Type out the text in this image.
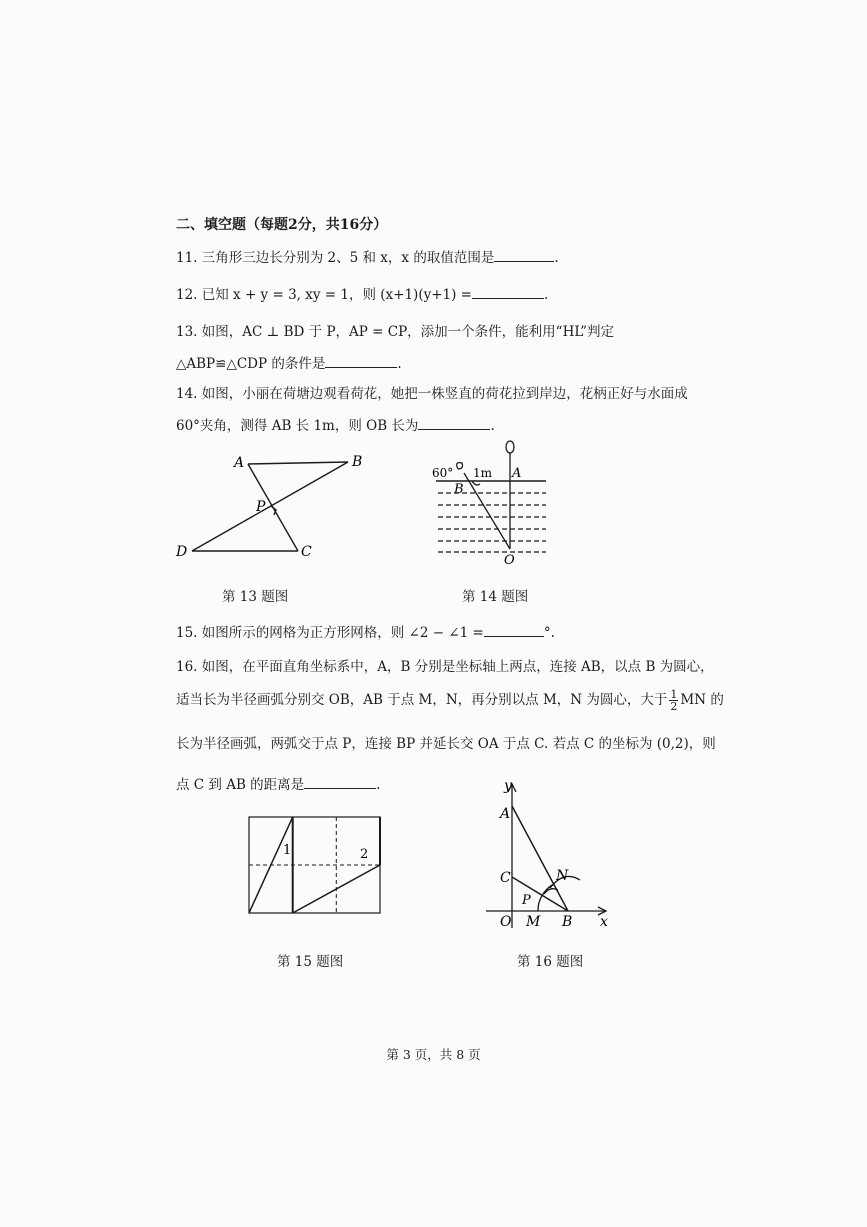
二、填空题（每题2分，共16分）
11. 三角形三边长分别为 2、5 和 x，x 的取值范围是	.
12. 已知 x + y = 3, xy = 1，则 (x+1)(y+1) =	.
13. 如图，AC ⊥ BD 于 P，AP = CP，添加一个条件，能利用“HL”判定
△ABP≌△CDP 的条件是	.
14. 如图，小丽在荷塘边观看荷花，她把一株竖直的荷花拉到岸边，花柄正好与水面成
60°夹角，测得 AB 长 1m，则 OB 长为	.
A	B
P
D	C
第 13 题图
60° 1m A
B
O
第 14 题图
15. 如图所示的网格为正方形网格，则 ∠2 − ∠1 =	°.
16. 如图，在平面直角坐标系中，A，B 分别是坐标轴上两点，连接 AB，以点 B 为圆心，
适当长为半径画弧分别交 OB，AB 于点 M，N，再分别以点 M，N 为圆心，大于 $\frac{1}{2}$ MN 的
长为半径画弧，两弧交于点 P，连接 BP 并延长交 OA 于点 C. 若点 C 的坐标为 (0,2)，则
点 C 到 AB 的距离是	.
1	2
第 15 题图
y
x
A
C	N
P
O M B
第 16 题图
第 3 页，共 8 页
